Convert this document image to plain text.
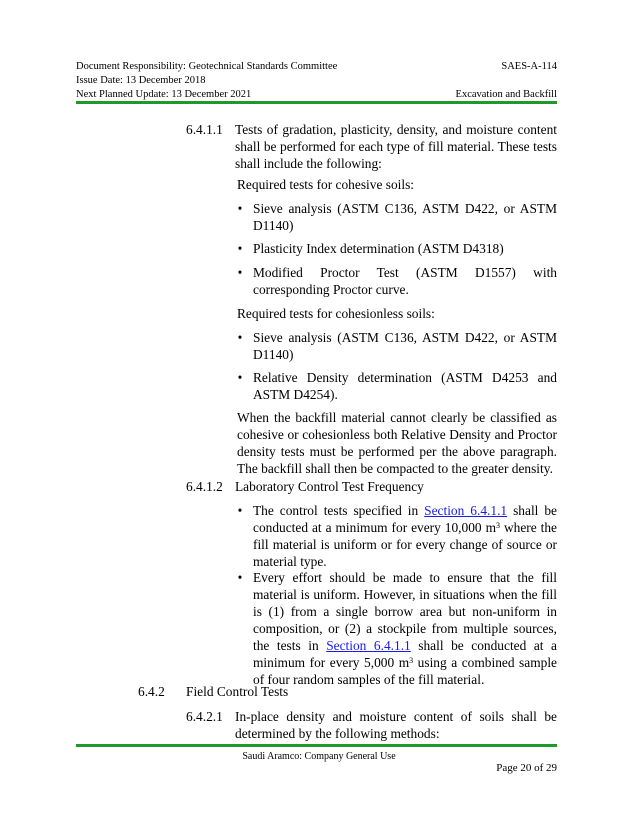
Document Responsibility: Geotechnical Standards Committee	SAES-A-114
Issue Date: 13 December 2018
Next Planned Update: 13 December 2021	Excavation and Backfill
6.4.1.1 Tests of gradation, plasticity, density, and moisture content shall be performed for each type of fill material. These tests shall include the following:
Required tests for cohesive soils:
• Sieve analysis (ASTM C136, ASTM D422, or ASTM D1140)
• Plasticity Index determination (ASTM D4318)
• Modified Proctor Test (ASTM D1557) with corresponding Proctor curve.
Required tests for cohesionless soils:
• Sieve analysis (ASTM C136, ASTM D422, or ASTM D1140)
• Relative Density determination (ASTM D4253 and ASTM D4254).
When the backfill material cannot clearly be classified as cohesive or cohesionless both Relative Density and Proctor density tests must be performed per the above paragraph. The backfill shall then be compacted to the greater density.
6.4.1.2 Laboratory Control Test Frequency
• The control tests specified in Section 6.4.1.1 shall be conducted at a minimum for every 10,000 $m^3$ where the fill material is uniform or for every change of source or material type.
• Every effort should be made to ensure that the fill material is uniform. However, in situations when the fill is (1) from a single borrow area but non-uniform in composition, or (2) a stockpile from multiple sources, the tests in Section 6.4.1.1 shall be conducted at a minimum for every 5,000 $m^3$ using a combined sample of four random samples of the fill material.
6.4.2 Field Control Tests
6.4.2.1 In-place density and moisture content of soils shall be determined by the following methods:
Saudi Aramco: Company General Use
Page 20 of 29
